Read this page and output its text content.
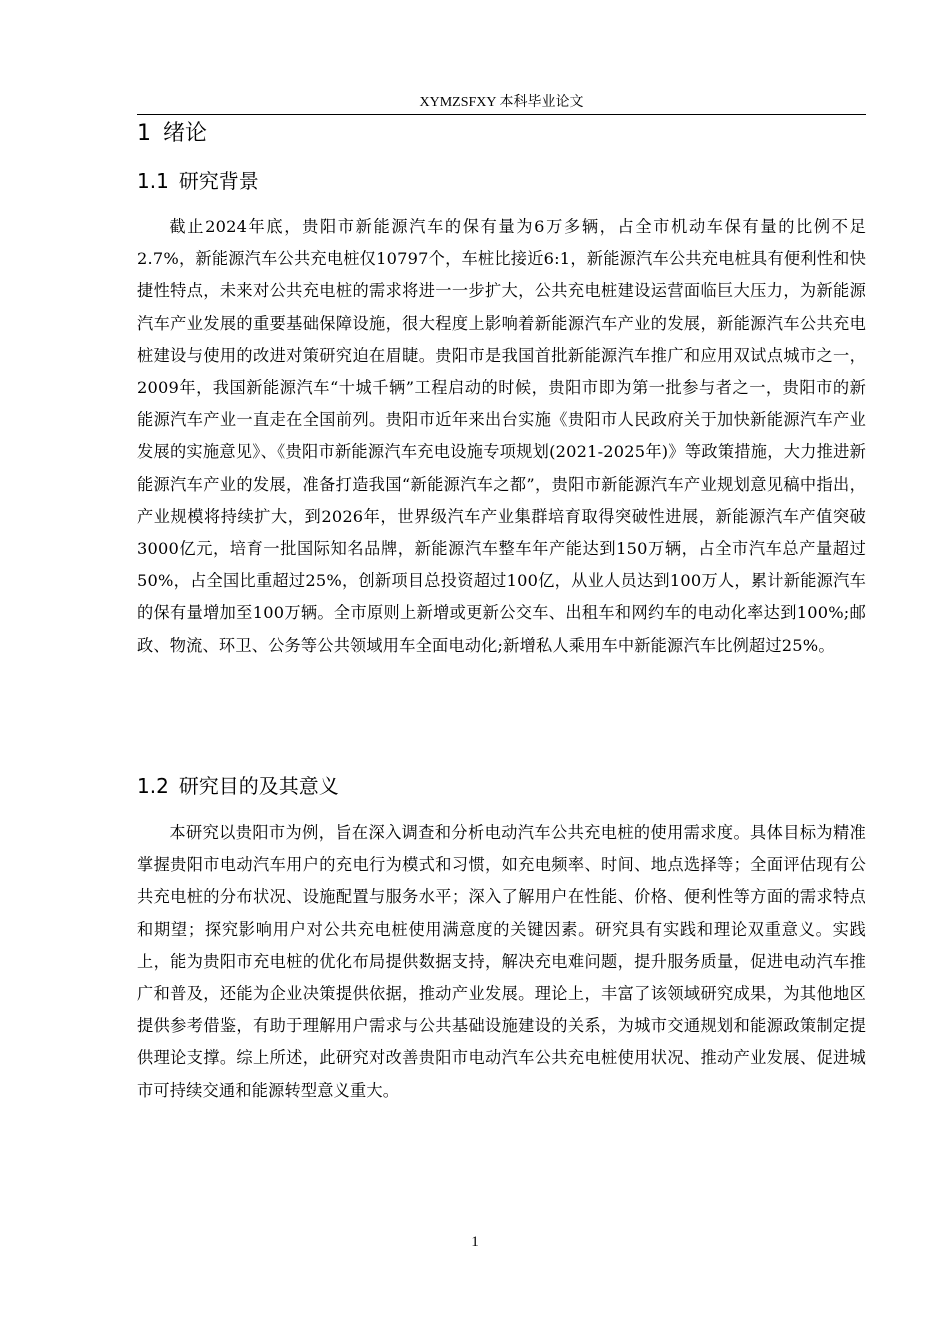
XYMZSFXY 本科毕业论文
1 绪论
1.1 研究背景
截止2024年底，贵阳市新能源汽车的保有量为6万多辆，占全市机动车保有量的比例不足2.7%，新能源汽车公共充电桩仅10797个，车桩比接近6:1，新能源汽车公共充电桩具有便利性和快捷性特点，未来对公共充电桩的需求将进一一步扩大，公共充电桩建设运营面临巨大压力，为新能源汽车产业发展的重要基础保障设施，很大程度上影响着新能源汽车产业的发展，新能源汽车公共充电桩建设与使用的改进对策研究迫在眉睫。贵阳市是我国首批新能源汽车推广和应用双试点城市之一，2009年，我国新能源汽车“十城千辆”工程启动的时候，贵阳市即为第一批参与者之一，贵阳市的新能源汽车产业一直走在全国前列。贵阳市近年来出台实施《贵阳市人民政府关于加快新能源汽车产业发展的实施意见》、《贵阳市新能源汽车充电设施专项规划(2021-2025年)》等政策措施，大力推进新能源汽车产业的发展，准备打造我国“新能源汽车之都”，贵阳市新能源汽车产业规划意见稿中指出，产业规模将持续扩大，到2026年，世界级汽车产业集群培育取得突破性进展，新能源汽车产值突破3000亿元，培育一批国际知名品牌，新能源汽车整车年产能达到150万辆，占全市汽车总产量超过50%，占全国比重超过25%，创新项目总投资超过100亿，从业人员达到100万人，累计新能源汽车的保有量增加至100万辆。全市原则上新增或更新公交车、出租车和网约车的电动化率达到100%;邮政、物流、环卫、公务等公共领域用车全面电动化;新增私人乘用车中新能源汽车比例超过25%。
1.2 研究目的及其意义
本研究以贵阳市为例，旨在深入调查和分析电动汽车公共充电桩的使用需求度。具体目标为精准掌握贵阳市电动汽车用户的充电行为模式和习惯，如充电频率、时间、地点选择等；全面评估现有公共充电桩的分布状况、设施配置与服务水平；深入了解用户在性能、价格、便利性等方面的需求特点和期望；探究影响用户对公共充电桩使用满意度的关键因素。研究具有实践和理论双重意义。实践上，能为贵阳市充电桩的优化布局提供数据支持，解决充电难问题，提升服务质量，促进电动汽车推广和普及，还能为企业决策提供依据，推动产业发展。理论上，丰富了该领域研究成果，为其他地区提供参考借鉴，有助于理解用户需求与公共基础设施建设的关系，为城市交通规划和能源政策制定提供理论支撑。综上所述，此研究对改善贵阳市电动汽车公共充电桩使用状况、推动产业发展、促进城市可持续交通和能源转型意义重大。
1
